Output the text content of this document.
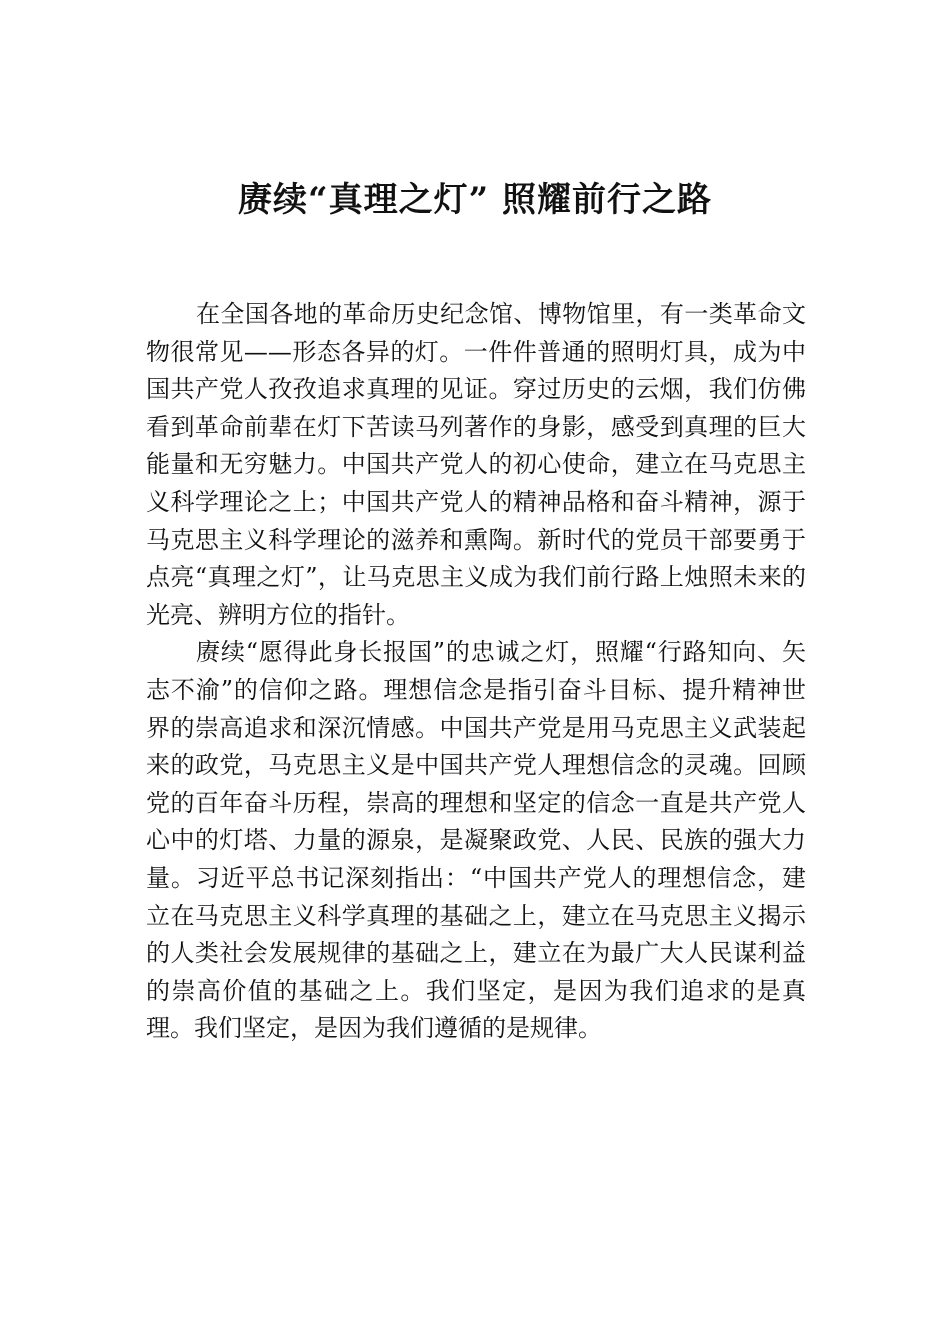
赓续“真理之灯” 照耀前行之路

在全国各地的革命历史纪念馆、博物馆里，有一类革命文物很常见——形态各异的灯。一件件普通的照明灯具，成为中国共产党人孜孜追求真理的见证。穿过历史的云烟，我们仿佛看到革命前辈在灯下苦读马列著作的身影，感受到真理的巨大能量和无穷魅力。中国共产党人的初心使命，建立在马克思主义科学理论之上；中国共产党人的精神品格和奋斗精神，源于马克思主义科学理论的滋养和熏陶。新时代的党员干部要勇于点亮“真理之灯”，让马克思主义成为我们前行路上烛照未来的光亮、辨明方位的指针。

赓续“愿得此身长报国”的忠诚之灯，照耀“行路知向、矢志不渝”的信仰之路。理想信念是指引奋斗目标、提升精神世界的崇高追求和深沉情感。中国共产党是用马克思主义武装起来的政党，马克思主义是中国共产党人理想信念的灵魂。回顾党的百年奋斗历程，崇高的理想和坚定的信念一直是共产党人心中的灯塔、力量的源泉，是凝聚政党、人民、民族的强大力量。习近平总书记深刻指出：“中国共产党人的理想信念，建立在马克思主义科学真理的基础之上，建立在马克思主义揭示的人类社会发展规律的基础之上，建立在为最广大人民谋利益的崇高价值的基础之上。我们坚定，是因为我们追求的是真理。我们坚定，是因为我们遵循的是规律。
